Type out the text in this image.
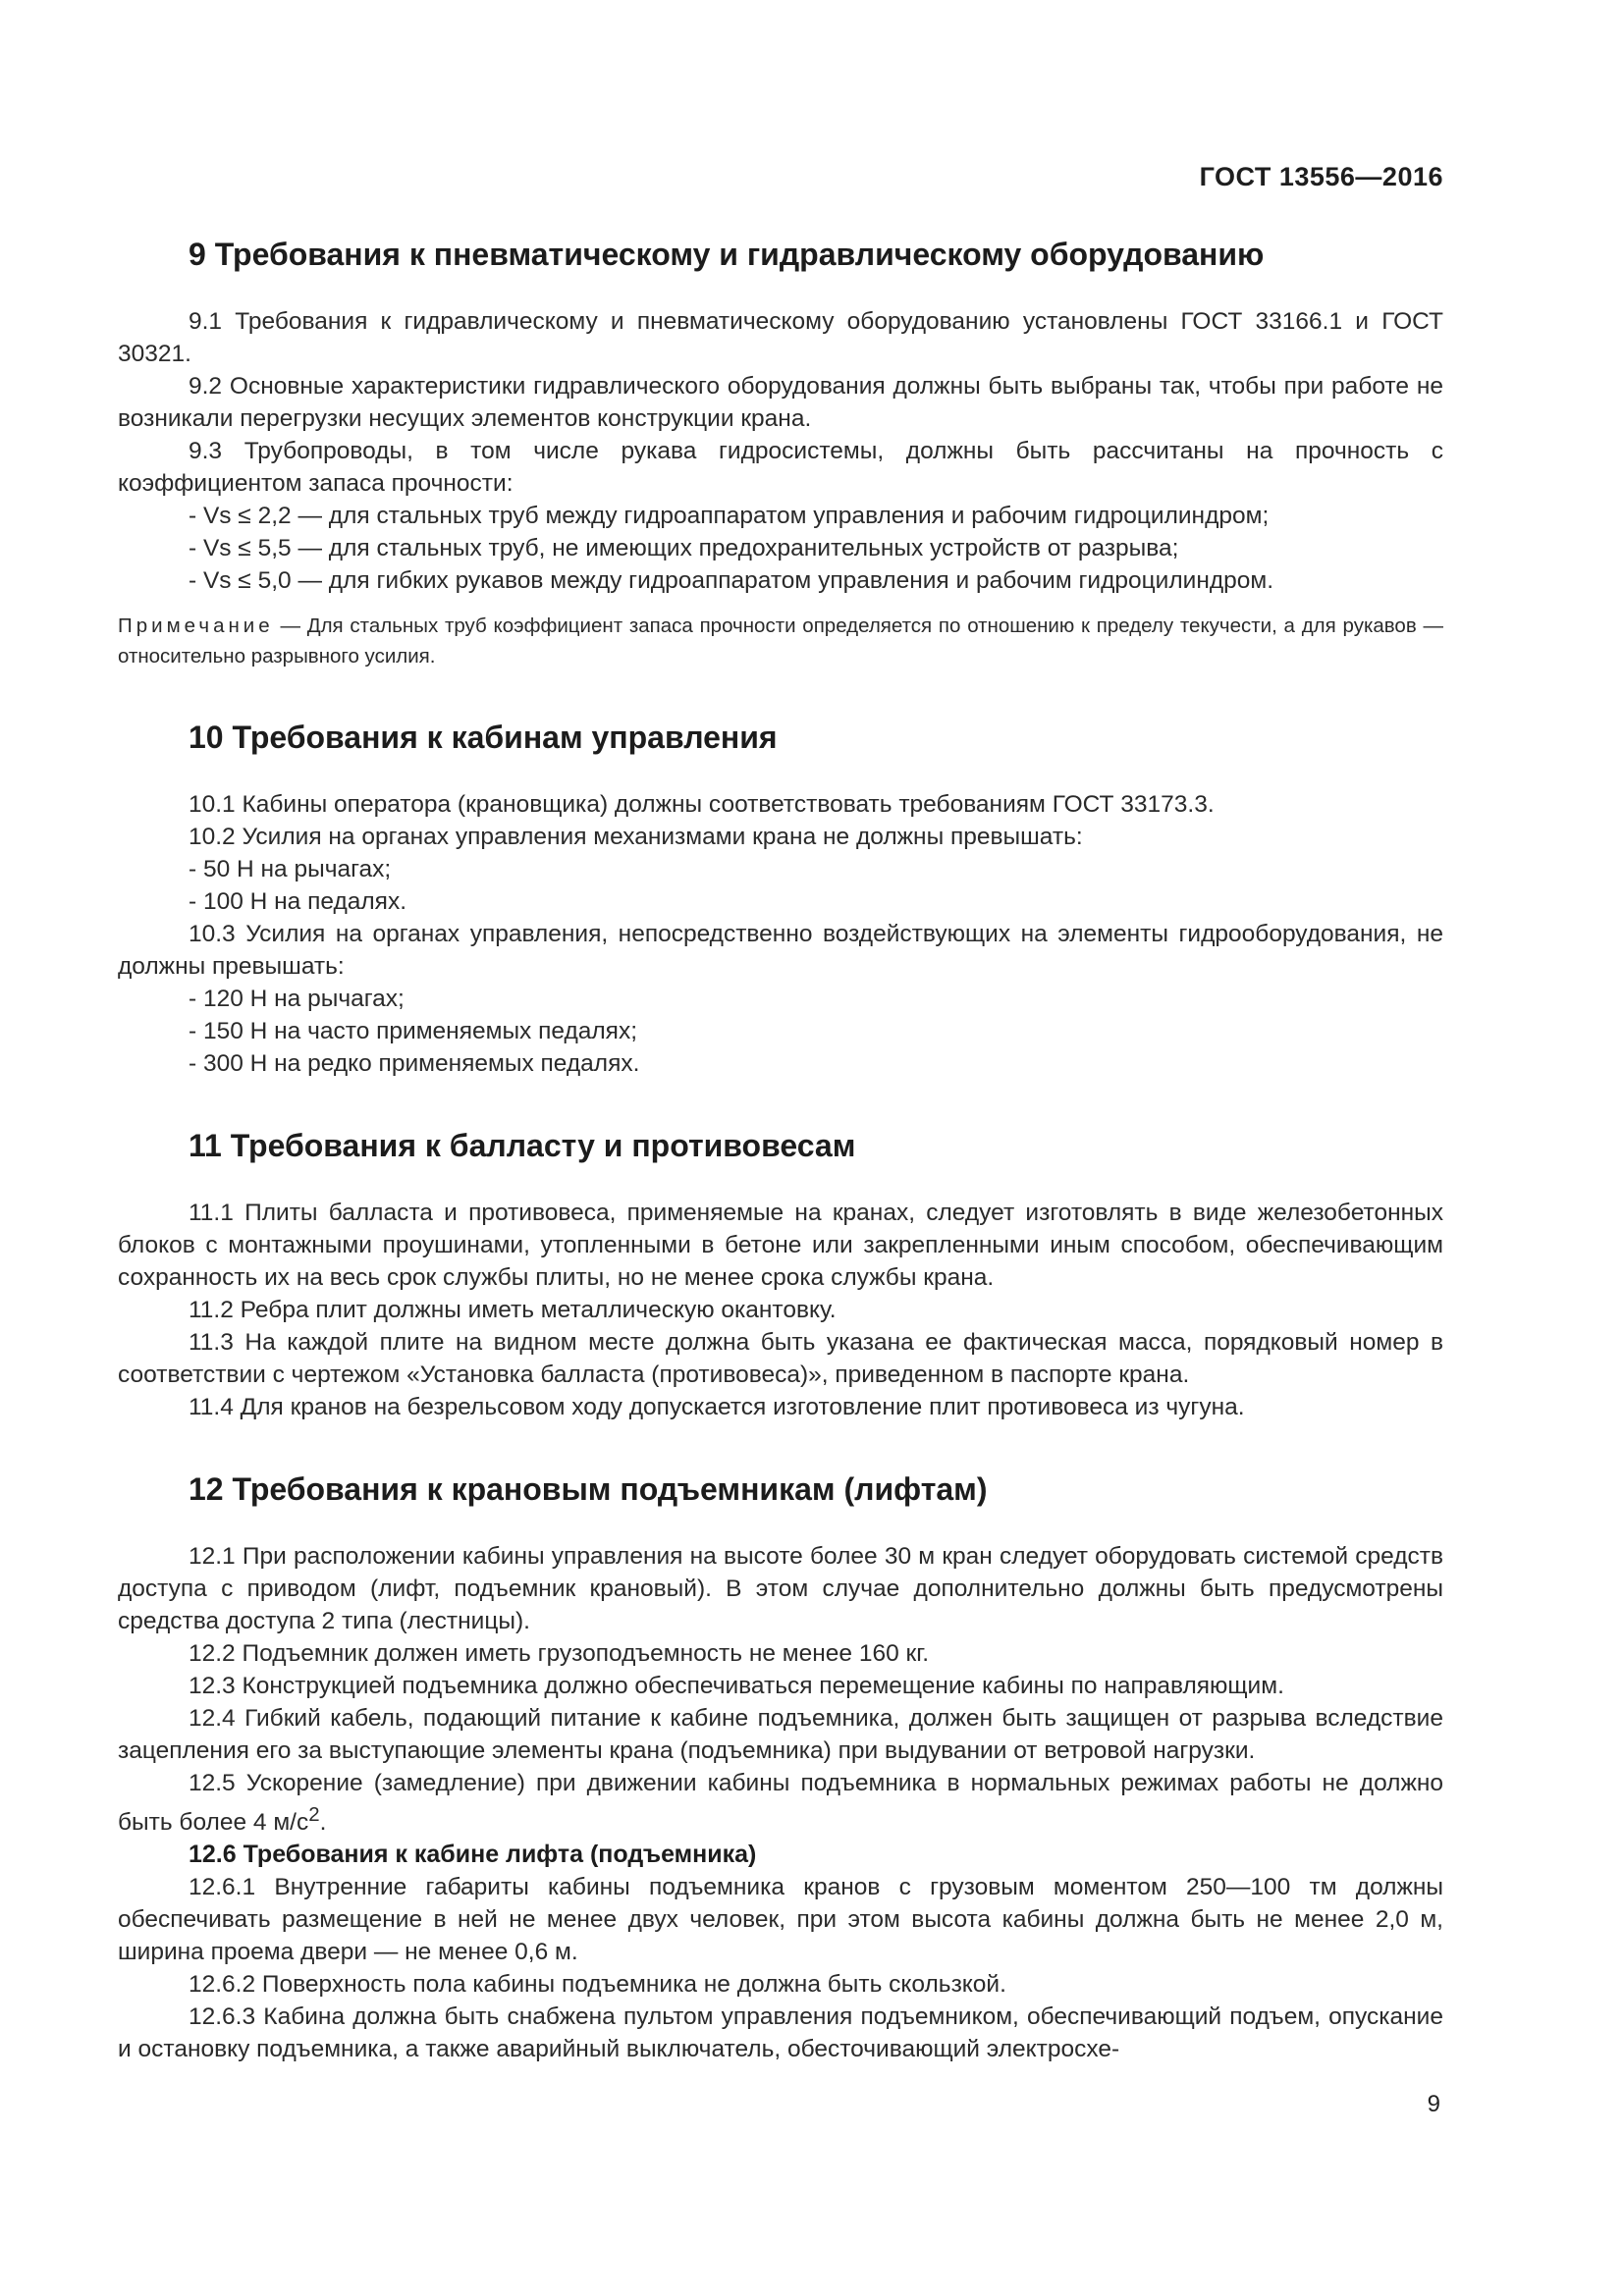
ГОСТ 13556—2016
9 Требования к пневматическому и гидравлическому оборудованию

9.1 Требования к гидравлическому и пневматическому оборудованию установлены ГОСТ 33166.1 и ГОСТ 30321.

9.2 Основные характеристики гидравлического оборудования должны быть выбраны так, чтобы при работе не возникали перегрузки несущих элементов конструкции крана.

9.3 Трубопроводы, в том числе рукава гидросистемы, должны быть рассчитаны на прочность с коэффициентом запаса прочности:

- Vs ≤ 2,2 — для стальных труб между гидроаппаратом управления и рабочим гидроцилиндром;

- Vs ≤ 5,5 — для стальных труб, не имеющих предохранительных устройств от разрыва;

- Vs ≤ 5,0 — для гибких рукавов между гидроаппаратом управления и рабочим гидроцилиндром.

Примечание — Для стальных труб коэффициент запаса прочности определяется по отношению к пределу текучести, а для рукавов — относительно разрывного усилия.
10 Требования к кабинам управления

10.1 Кабины оператора (крановщика) должны соответствовать требованиям ГОСТ 33173.3.

10.2 Усилия на органах управления механизмами крана не должны превышать:

- 50 Н на рычагах;

- 100 Н на педалях.

10.3 Усилия на органах управления, непосредственно воздействующих на элементы гидрооборудования, не должны превышать:

- 120 Н на рычагах;

- 150 Н на часто применяемых педалях;

- 300 Н на редко применяемых педалях.

11 Требования к балласту и противовесам

11.1 Плиты балласта и противовеса, применяемые на кранах, следует изготовлять в виде железобетонных блоков с монтажными проушинами, утопленными в бетоне или закрепленными иным способом, обеспечивающим сохранность их на весь срок службы плиты, но не менее срока службы крана.

11.2 Ребра плит должны иметь металлическую окантовку.

11.3 На каждой плите на видном месте должна быть указана ее фактическая масса, порядковый номер в соответствии с чертежом «Установка балласта (противовеса)», приведенном в паспорте крана.

11.4 Для кранов на безрельсовом ходу допускается изготовление плит противовеса из чугуна.

12 Требования к крановым подъемникам (лифтам)

12.1 При расположении кабины управления на высоте более 30 м кран следует оборудовать системой средств доступа с приводом (лифт, подъемник крановый). В этом случае дополнительно должны быть предусмотрены средства доступа 2 типа (лестницы).

12.2 Подъемник должен иметь грузоподъемность не менее 160 кг.

12.3 Конструкцией подъемника должно обеспечиваться перемещение кабины по направляющим.

12.4 Гибкий кабель, подающий питание к кабине подъемника, должен быть защищен от разрыва вследствие зацепления его за выступающие элементы крана (подъемника) при выдувании от ветровой нагрузки.

12.5 Ускорение (замедление) при движении кабины подъемника в нормальных режимах работы не должно быть более 4 $м/с^2$.

12.6 Требования к кабине лифта (подъемника)

12.6.1 Внутренние габариты кабины подъемника кранов с грузовым моментом 250—100 тм должны обеспечивать размещение в ней не менее двух человек, при этом высота кабины должна быть не менее 2,0 м, ширина проема двери — не менее 0,6 м.

12.6.2 Поверхность пола кабины подъемника не должна быть скользкой.

12.6.3 Кабина должна быть снабжена пультом управления подъемником, обеспечивающий подъем, опускание и остановку подъемника, а также аварийный выключатель, обесточивающий электросхе-

9
